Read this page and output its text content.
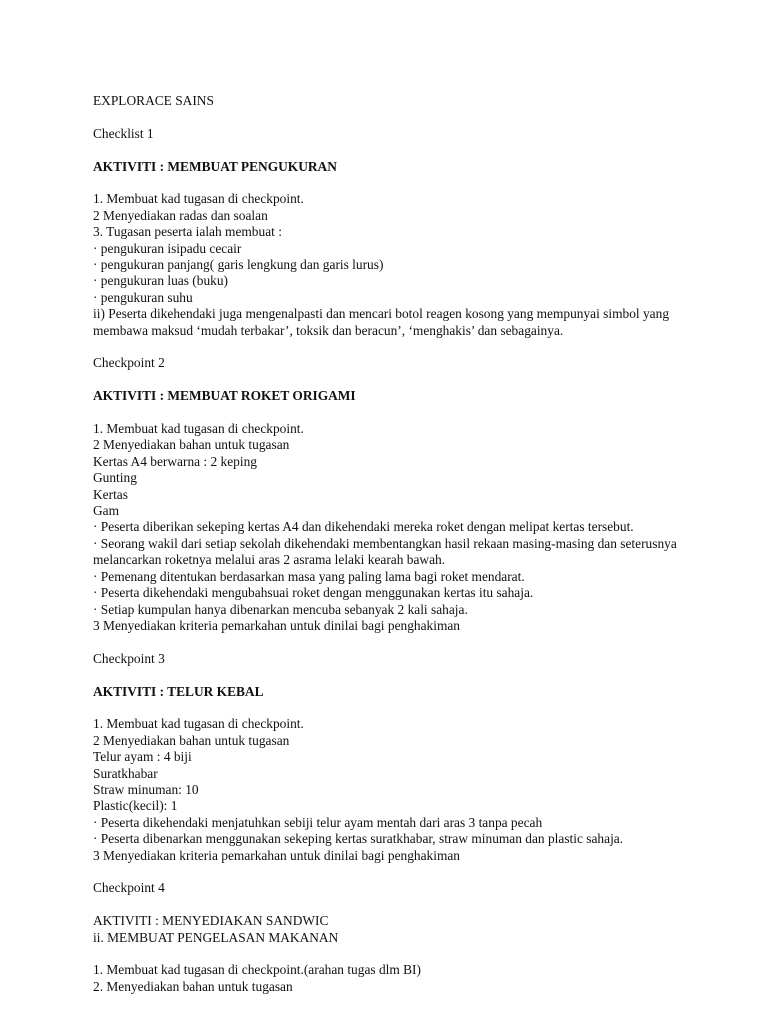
EXPLORACE SAINS

Checklist 1

AKTIVITI : MEMBUAT PENGUKURAN

1. Membuat kad tugasan di checkpoint.

2 Menyediakan radas dan soalan

3. Tugasan peserta ialah membuat :

· pengukuran isipadu cecair

· pengukuran panjang( garis lengkung dan garis lurus)

· pengukuran luas (buku)

· pengukuran suhu

ii) Peserta dikehendaki juga mengenalpasti dan mencari botol reagen kosong yang mempunyai simbol yang membawa maksud ‘mudah terbakar’, toksik dan beracun’, ‘menghakis’ dan sebagainya.

Checkpoint 2

AKTIVITI : MEMBUAT ROKET ORIGAMI

1. Membuat kad tugasan di checkpoint.

2 Menyediakan bahan untuk tugasan

Kertas A4 berwarna : 2 keping

Gunting

Kertas

Gam

· Peserta diberikan sekeping kertas A4 dan dikehendaki mereka roket dengan melipat kertas tersebut.

· Seorang wakil dari setiap sekolah dikehendaki membentangkan hasil rekaan masing-masing dan seterusnya melancarkan roketnya melalui aras 2 asrama lelaki kearah bawah.

· Pemenang ditentukan berdasarkan masa yang paling lama bagi roket mendarat.

· Peserta dikehendaki mengubahsuai roket dengan menggunakan kertas itu sahaja.

· Setiap kumpulan hanya dibenarkan mencuba sebanyak 2 kali sahaja.

3 Menyediakan kriteria pemarkahan untuk dinilai bagi penghakiman

Checkpoint 3

AKTIVITI : TELUR KEBAL

1. Membuat kad tugasan di checkpoint.

2 Menyediakan bahan untuk tugasan

Telur ayam : 4 biji

Suratkhabar

Straw minuman: 10

Plastic(kecil): 1

· Peserta dikehendaki menjatuhkan sebiji telur ayam mentah dari aras 3 tanpa pecah

· Peserta dibenarkan menggunakan sekeping kertas suratkhabar, straw minuman dan plastic sahaja.

3 Menyediakan kriteria pemarkahan untuk dinilai bagi penghakiman

Checkpoint 4

AKTIVITI : MENYEDIAKAN SANDWIC

ii. MEMBUAT PENGELASAN MAKANAN

1. Membuat kad tugasan di checkpoint.(arahan tugas dlm BI)

2. Menyediakan bahan untuk tugasan
